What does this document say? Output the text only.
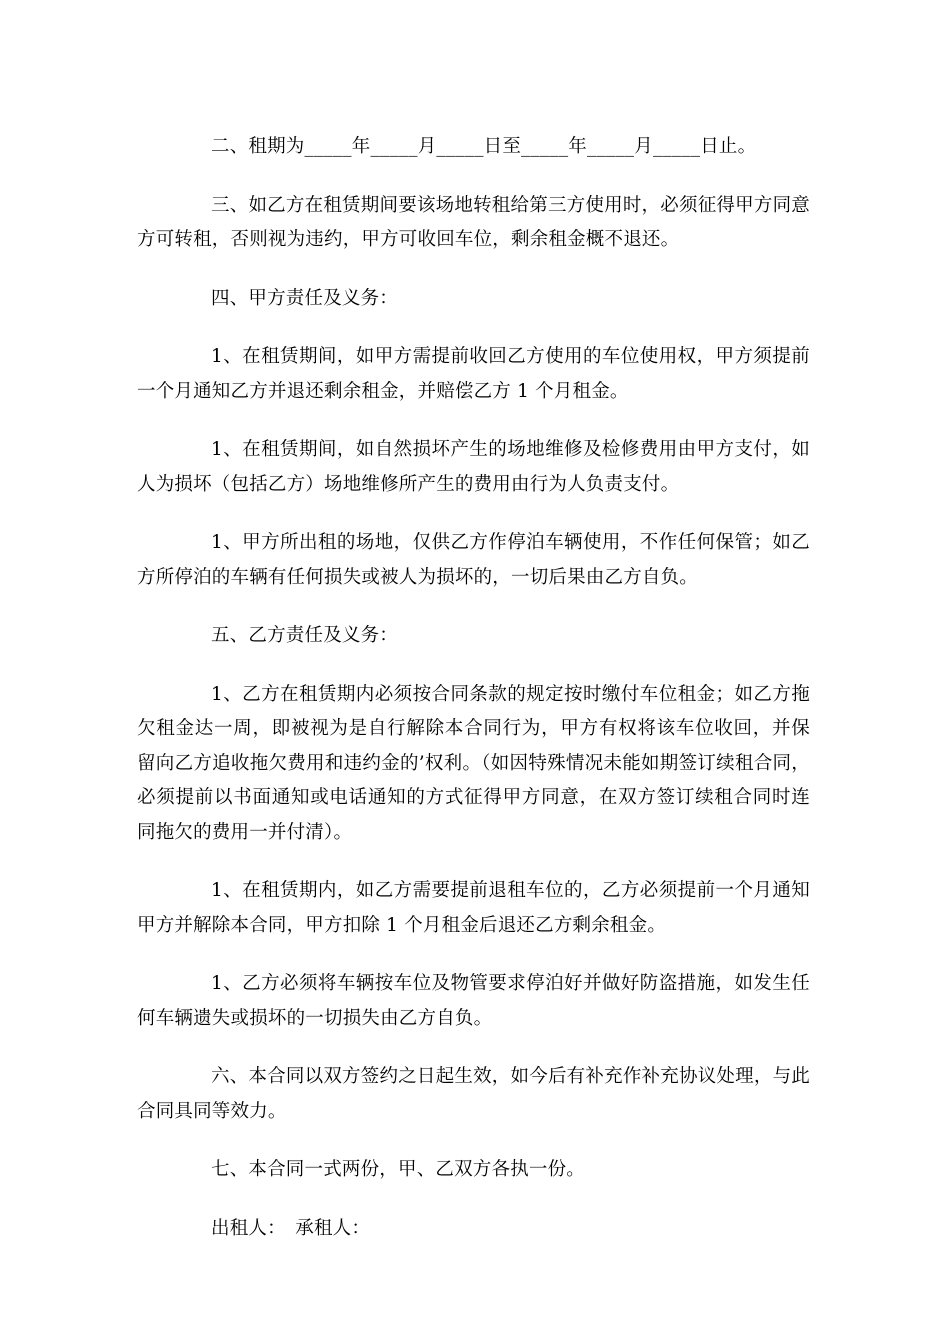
二、租期为_____年_____月_____日至_____年_____月_____日止。

三、如乙方在租赁期间要该场地转租给第三方使用时，必须征得甲方同意方可转租，否则视为违约，甲方可收回车位，剩余租金概不退还。

四、甲方责任及义务：

1、在租赁期间，如甲方需提前收回乙方使用的车位使用权，甲方须提前一个月通知乙方并退还剩余租金，并赔偿乙方 1 个月租金。

1、在租赁期间，如自然损坏产生的场地维修及检修费用由甲方支付，如人为损坏（包括乙方）场地维修所产生的费用由行为人负责支付。

1、甲方所出租的场地，仅供乙方作停泊车辆使用，不作任何保管；如乙方所停泊的车辆有任何损失或被人为损坏的，一切后果由乙方自负。

五、乙方责任及义务：

1、乙方在租赁期内必须按合同条款的规定按时缴付车位租金；如乙方拖欠租金达一周，即被视为是自行解除本合同行为，甲方有权将该车位收回，并保留向乙方追收拖欠费用和违约金的’权利。（如因特殊情况未能如期签订续租合同，必须提前以书面通知或电话通知的方式征得甲方同意，在双方签订续租合同时连同拖欠的费用一并付清）。

1、在租赁期内，如乙方需要提前退租车位的，乙方必须提前一个月通知甲方并解除本合同，甲方扣除 1 个月租金后退还乙方剩余租金。

1、乙方必须将车辆按车位及物管要求停泊好并做好防盗措施，如发生任何车辆遗失或损坏的一切损失由乙方自负。

六、本合同以双方签约之日起生效，如今后有补充作补充协议处理，与此合同具同等效力。

七、本合同一式两份，甲、乙双方各执一份。

出租人：　承租人：
